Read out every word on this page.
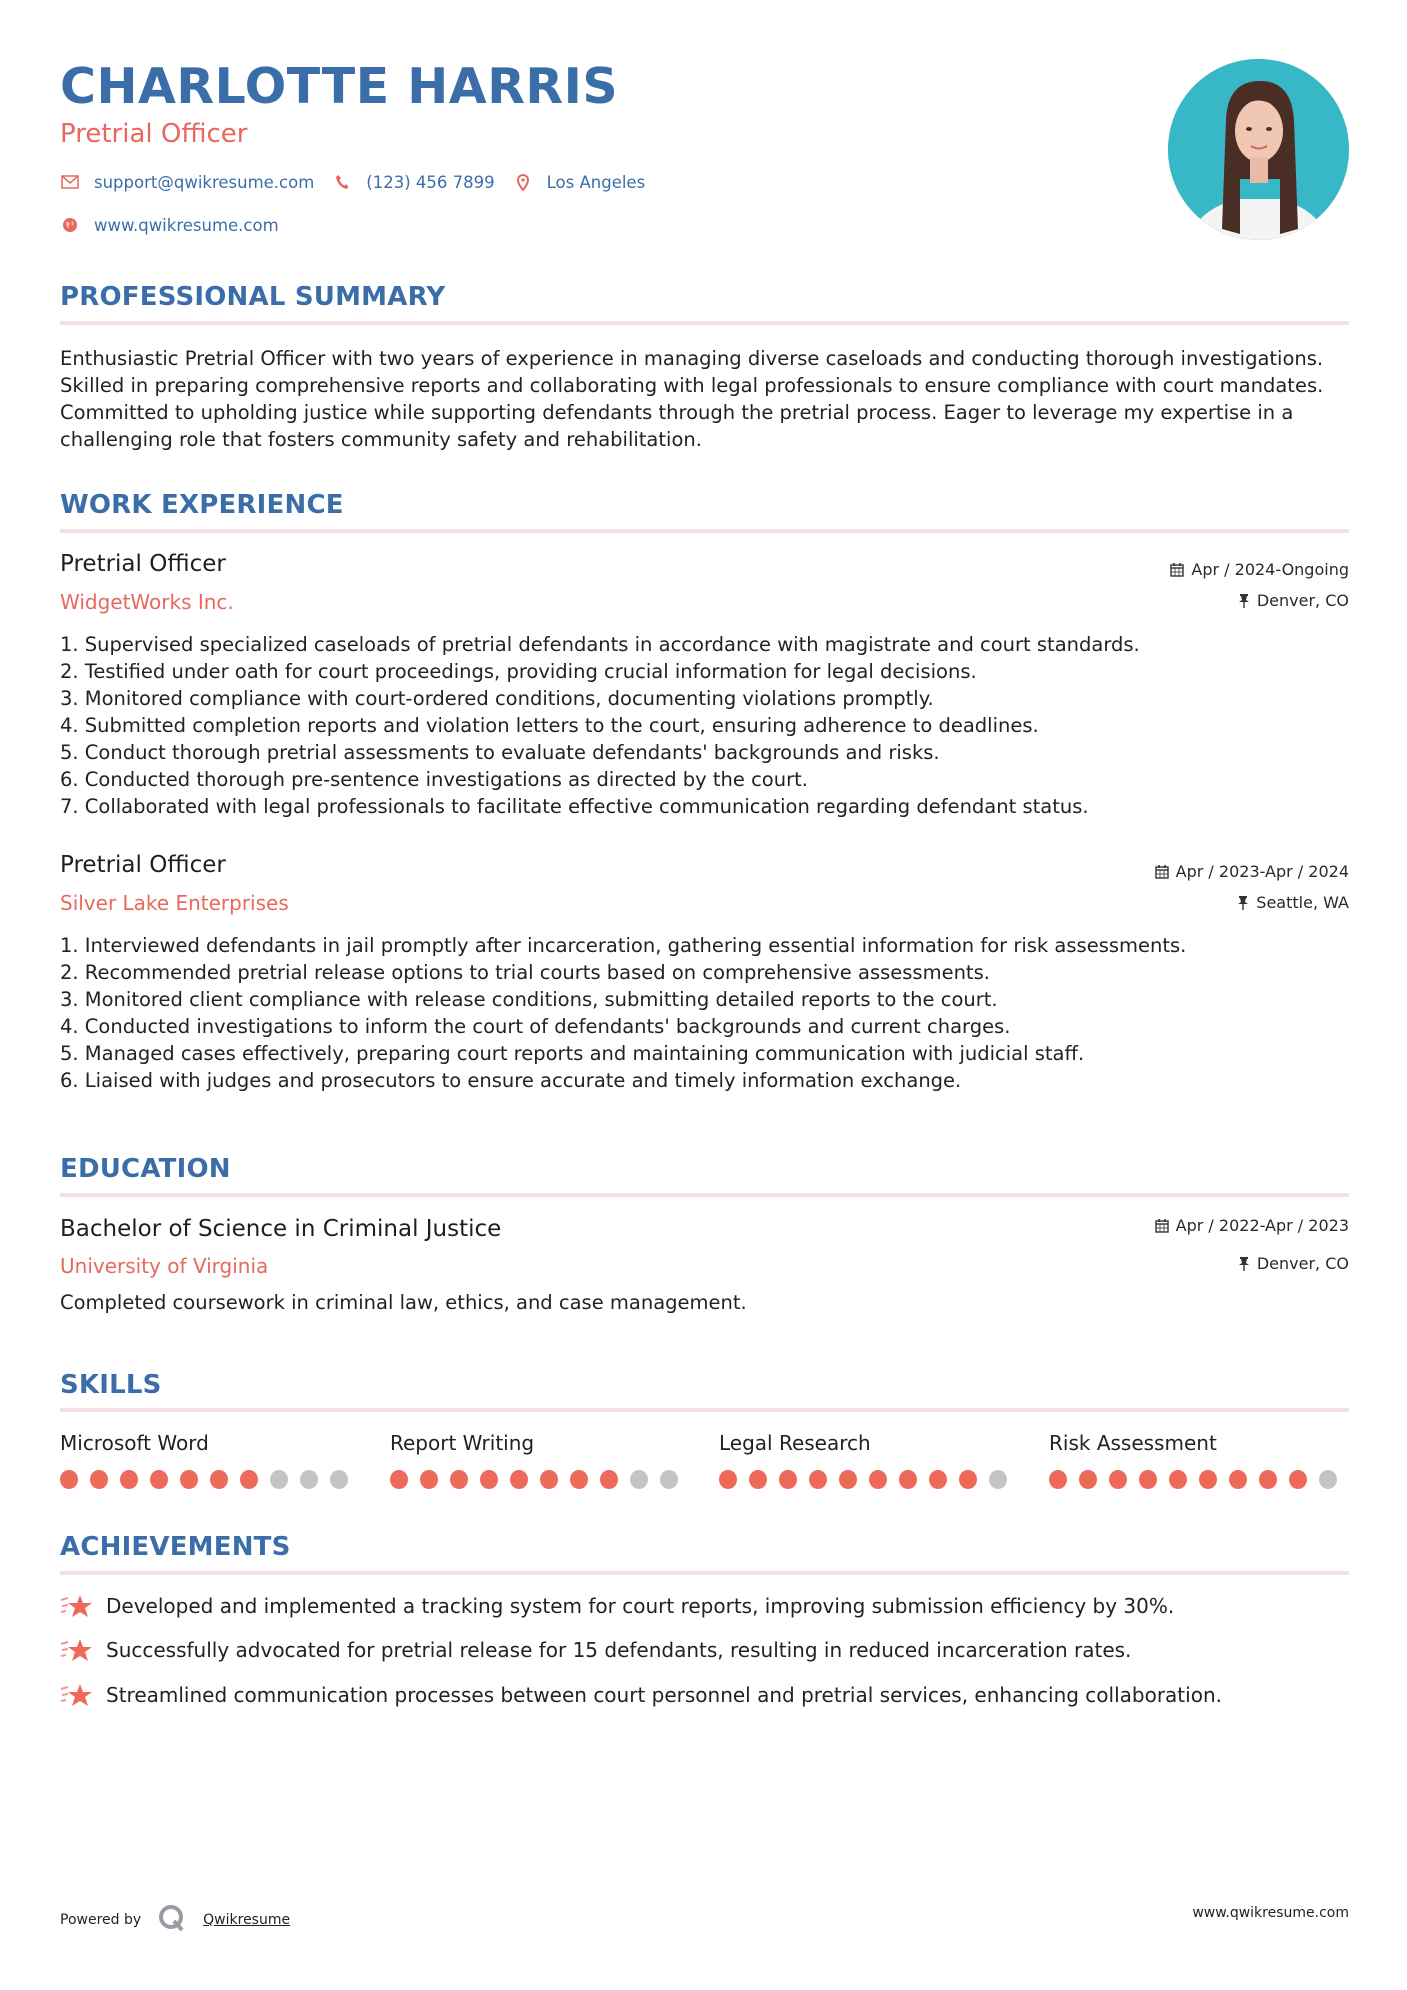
CHARLOTTE HARRIS
Pretrial Officer
support@qwikresume.com	(123) 456 7899	Los Angeles
www.qwikresume.com
PROFESSIONAL SUMMARY
Enthusiastic Pretrial Officer with two years of experience in managing diverse caseloads and conducting thorough investigations. Skilled in preparing comprehensive reports and collaborating with legal professionals to ensure compliance with court mandates. Committed to upholding justice while supporting defendants through the pretrial process. Eager to leverage my expertise in a challenging role that fosters community safety and rehabilitation.
WORK EXPERIENCE
Pretrial Officer
WidgetWorks Inc.
Apr / 2024-Ongoing
Denver, CO
1. Supervised specialized caseloads of pretrial defendants in accordance with magistrate and court standards.
2. Testified under oath for court proceedings, providing crucial information for legal decisions.
3. Monitored compliance with court-ordered conditions, documenting violations promptly.
4. Submitted completion reports and violation letters to the court, ensuring adherence to deadlines.
5. Conduct thorough pretrial assessments to evaluate defendants' backgrounds and risks.
6. Conducted thorough pre-sentence investigations as directed by the court.
7. Collaborated with legal professionals to facilitate effective communication regarding defendant status.
Pretrial Officer
Silver Lake Enterprises
Apr / 2023-Apr / 2024
Seattle, WA
1. Interviewed defendants in jail promptly after incarceration, gathering essential information for risk assessments.
2. Recommended pretrial release options to trial courts based on comprehensive assessments.
3. Monitored client compliance with release conditions, submitting detailed reports to the court.
4. Conducted investigations to inform the court of defendants' backgrounds and current charges.
5. Managed cases effectively, preparing court reports and maintaining communication with judicial staff.
6. Liaised with judges and prosecutors to ensure accurate and timely information exchange.
EDUCATION
Bachelor of Science in Criminal Justice
University of Virginia
Apr / 2022-Apr / 2023
Denver, CO
Completed coursework in criminal law, ethics, and case management.
SKILLS
Microsoft Word	Report Writing	Legal Research	Risk Assessment
ACHIEVEMENTS
Developed and implemented a tracking system for court reports, improving submission efficiency by 30%.
Successfully advocated for pretrial release for 15 defendants, resulting in reduced incarceration rates.
Streamlined communication processes between court personnel and pretrial services, enhancing collaboration.
Powered by	Qwikresume	www.qwikresume.com
